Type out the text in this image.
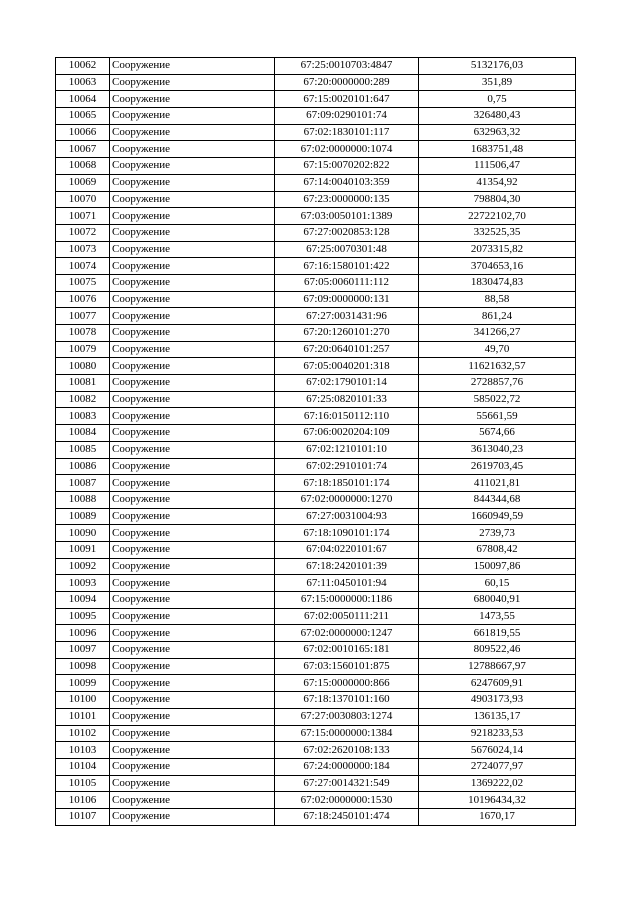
10062	Сооружение	67:25:0010703:4847	5132176,03
10063	Сооружение	67:20:0000000:289	351,89
10064	Сооружение	67:15:0020101:647	0,75
10065	Сооружение	67:09:0290101:74	326480,43
10066	Сооружение	67:02:1830101:117	632963,32
10067	Сооружение	67:02:0000000:1074	1683751,48
10068	Сооружение	67:15:0070202:822	111506,47
10069	Сооружение	67:14:0040103:359	41354,92
10070	Сооружение	67:23:0000000:135	798804,30
10071	Сооружение	67:03:0050101:1389	22722102,70
10072	Сооружение	67:27:0020853:128	332525,35
10073	Сооружение	67:25:0070301:48	2073315,82
10074	Сооружение	67:16:1580101:422	3704653,16
10075	Сооружение	67:05:0060111:112	1830474,83
10076	Сооружение	67:09:0000000:131	88,58
10077	Сооружение	67:27:0031431:96	861,24
10078	Сооружение	67:20:1260101:270	341266,27
10079	Сооружение	67:20:0640101:257	49,70
10080	Сооружение	67:05:0040201:318	11621632,57
10081	Сооружение	67:02:1790101:14	2728857,76
10082	Сооружение	67:25:0820101:33	585022,72
10083	Сооружение	67:16:0150112:110	55661,59
10084	Сооружение	67:06:0020204:109	5674,66
10085	Сооружение	67:02:1210101:10	3613040,23
10086	Сооружение	67:02:2910101:74	2619703,45
10087	Сооружение	67:18:1850101:174	411021,81
10088	Сооружение	67:02:0000000:1270	844344,68
10089	Сооружение	67:27:0031004:93	1660949,59
10090	Сооружение	67:18:1090101:174	2739,73
10091	Сооружение	67:04:0220101:67	67808,42
10092	Сооружение	67:18:2420101:39	150097,86
10093	Сооружение	67:11:0450101:94	60,15
10094	Сооружение	67:15:0000000:1186	680040,91
10095	Сооружение	67:02:0050111:211	1473,55
10096	Сооружение	67:02:0000000:1247	661819,55
10097	Сооружение	67:02:0010165:181	809522,46
10098	Сооружение	67:03:1560101:875	12788667,97
10099	Сооружение	67:15:0000000:866	6247609,91
10100	Сооружение	67:18:1370101:160	4903173,93
10101	Сооружение	67:27:0030803:1274	136135,17
10102	Сооружение	67:15:0000000:1384	9218233,53
10103	Сооружение	67:02:2620108:133	5676024,14
10104	Сооружение	67:24:0000000:184	2724077,97
10105	Сооружение	67:27:0014321:549	1369222,02
10106	Сооружение	67:02:0000000:1530	10196434,32
10107	Сооружение	67:18:2450101:474	1670,17
